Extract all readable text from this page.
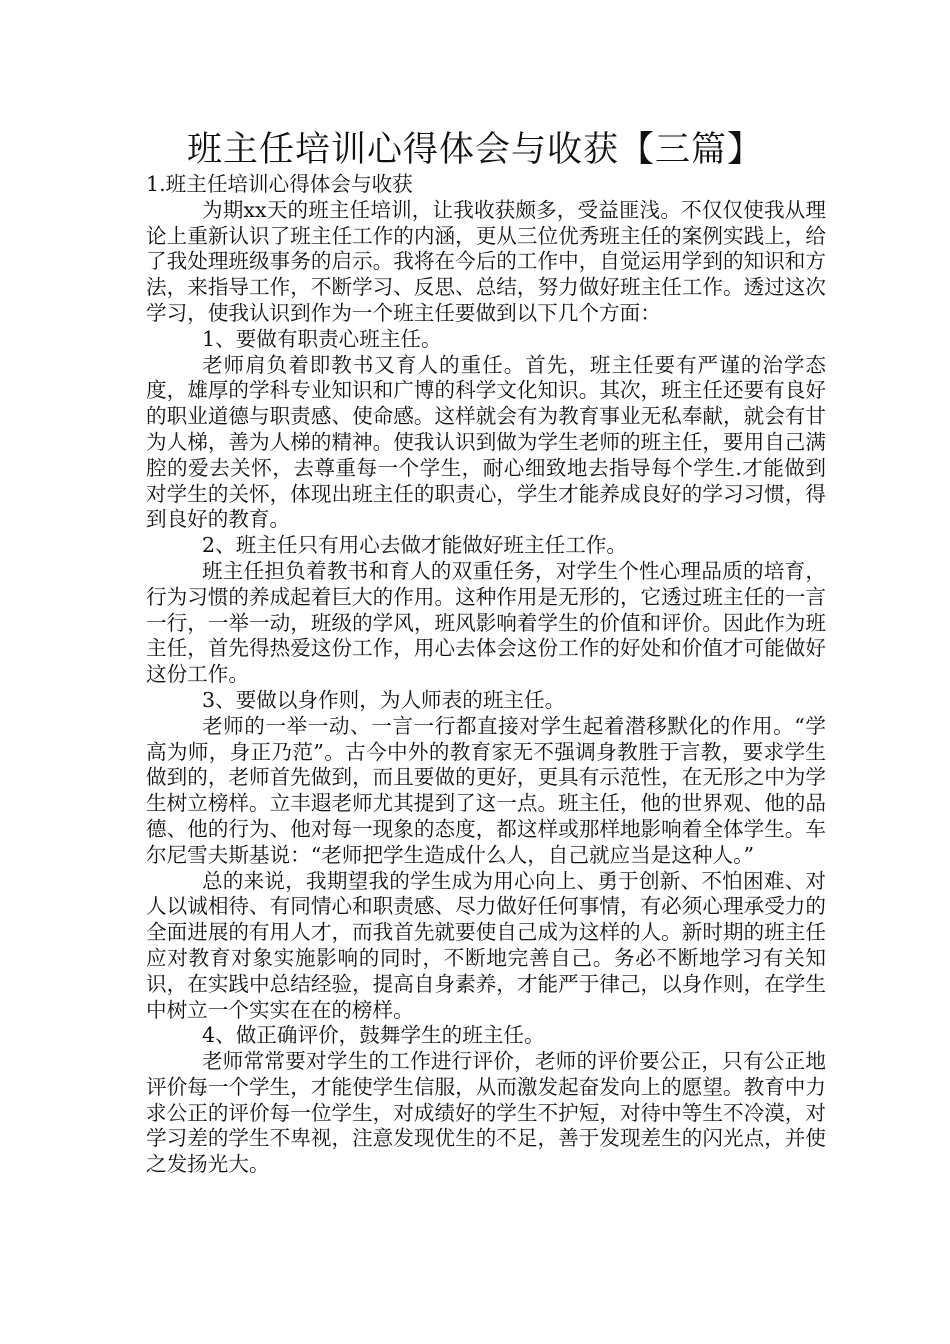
班主任培训心得体会与收获【三篇】

1.班主任培训心得体会与收获

为期xx天的班主任培训，让我收获颇多，受益匪浅。不仅仅使我从理论上重新认识了班主任工作的内涵，更从三位优秀班主任的案例实践上，给了我处理班级事务的启示。我将在今后的工作中，自觉运用学到的知识和方法，来指导工作，不断学习、反思、总结，努力做好班主任工作。透过这次学习，使我认识到作为一个班主任要做到以下几个方面：

1、要做有职责心班主任。

老师肩负着即教书又育人的重任。首先，班主任要有严谨的治学态度，雄厚的学科专业知识和广博的科学文化知识。其次，班主任还要有良好的职业道德与职责感、使命感。这样就会有为教育事业无私奉献，就会有甘为人梯，善为人梯的精神。使我认识到做为学生老师的班主任，要用自己满腔的爱去关怀，去尊重每一个学生，耐心细致地去指导每个学生.才能做到对学生的关怀，体现出班主任的职责心，学生才能养成良好的学习习惯，得到良好的教育。

2、班主任只有用心去做才能做好班主任工作。

班主任担负着教书和育人的双重任务，对学生个性心理品质的培育，行为习惯的养成起着巨大的作用。这种作用是无形的，它透过班主任的一言一行，一举一动，班级的学风，班风影响着学生的价值和评价。因此作为班主任，首先得热爱这份工作，用心去体会这份工作的好处和价值才可能做好这份工作。

3、要做以身作则，为人师表的班主任。

老师的一举一动、一言一行都直接对学生起着潜移默化的作用。“学高为师，身正乃范”。古今中外的教育家无不强调身教胜于言教，要求学生做到的，老师首先做到，而且要做的更好，更具有示范性，在无形之中为学生树立榜样。立丰遐老师尤其提到了这一点。班主任，他的世界观、他的品德、他的行为、他对每一现象的态度，都这样或那样地影响着全体学生。车尔尼雪夫斯基说：“老师把学生造成什么人，自己就应当是这种人。”

总的来说，我期望我的学生成为用心向上、勇于创新、不怕困难、对人以诚相待、有同情心和职责感、尽力做好任何事情，有必须心理承受力的全面进展的有用人才，而我首先就要使自己成为这样的人。新时期的班主任应对教育对象实施影响的同时，不断地完善自己。务必不断地学习有关知识，在实践中总结经验，提高自身素养，才能严于律己，以身作则，在学生中树立一个实实在在的榜样。

4、做正确评价，鼓舞学生的班主任。

老师常常要对学生的工作进行评价，老师的评价要公正，只有公正地评价每一个学生，才能使学生信服，从而激发起奋发向上的愿望。教育中力求公正的评价每一位学生，对成绩好的学生不护短，对待中等生不冷漠，对学习差的学生不卑视，注意发现优生的不足，善于发现差生的闪光点，并使之发扬光大。
